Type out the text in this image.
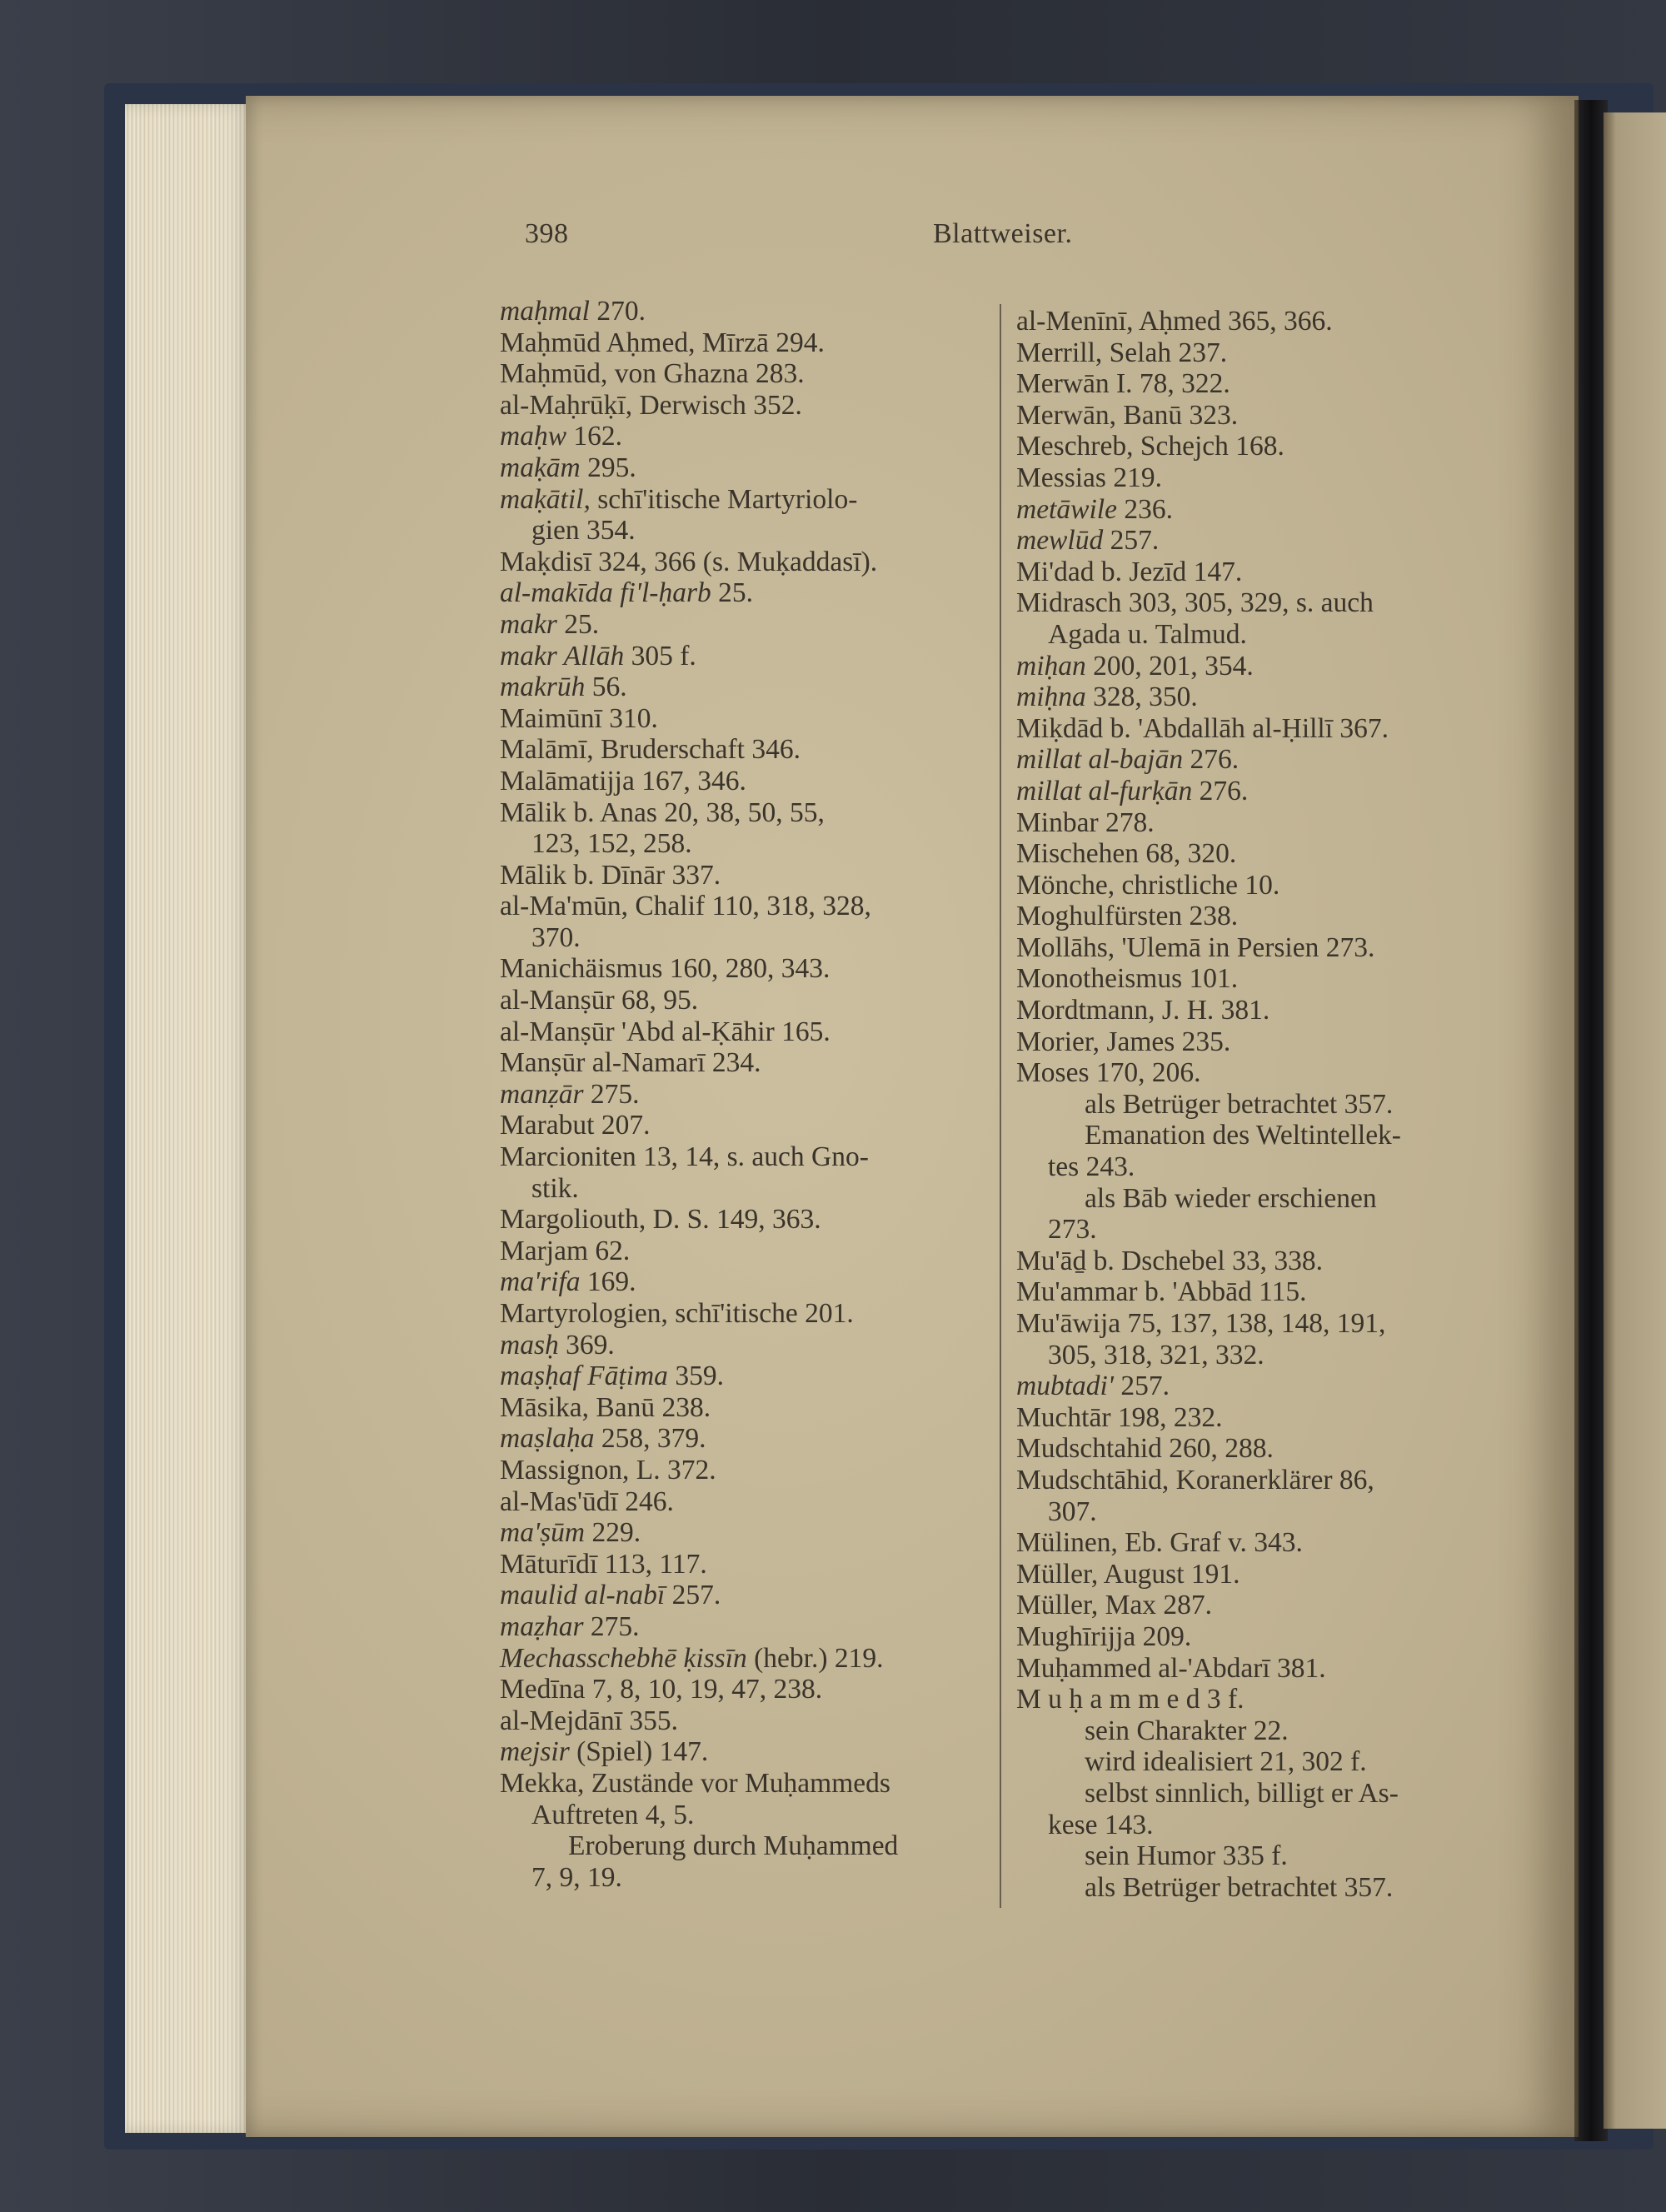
398	Blattweiser.
maḥmal 270.
Maḥmūd Aḥmed, Mīrzā 294.
Maḥmūd, von Ghazna 283.
al-Maḥrūḳī, Derwisch 352.
maḥw 162.
maḳām 295.
maḳātil, schī'itische Martyriolo-
gien 354.
Maḳdisī 324, 366 (s. Muḳaddasī).
al-makīda fi'l-ḥarb 25.
makr 25.
makr Allāh 305 f.
makrūh 56.
Maimūnī 310.
Malāmī, Bruderschaft 346.
Malāmatijja 167, 346.
Mālik b. Anas 20, 38, 50, 55,
123, 152, 258.
Mālik b. Dīnār 337.
al-Ma'mūn, Chalif 110, 318, 328,
370.
Manichäismus 160, 280, 343.
al-Manṣūr 68, 95.
al-Manṣūr 'Abd al-Ḳāhir 165.
Manṣūr al-Namarī 234.
manẓār 275.
Marabut 207.
Marcioniten 13, 14, s. auch Gno-
stik.
Margoliouth, D. S. 149, 363.
Marjam 62.
ma'rifa 169.
Martyrologien, schī'itische 201.
masḥ 369.
maṣḥaf Fāṭima 359.
Māsika, Banū 238.
maṣlaḥa 258, 379.
Massignon, L. 372.
al-Mas'ūdī 246.
ma'ṣūm 229.
Māturīdī 113, 117.
maulid al-nabī 257.
maẓhar 275.
Mechasschebhē ḳissīn (hebr.) 219.
Medīna 7, 8, 10, 19, 47, 238.
al-Mejdānī 355.
mejsir (Spiel) 147.
Mekka, Zustände vor Muḥammeds
Auftreten 4, 5.
Eroberung durch Muḥammed
7, 9, 19.
al-Menīnī, Aḥmed 365, 366.
Merrill, Selah 237.
Merwān I. 78, 322.
Merwān, Banū 323.
Meschreb, Schejch 168.
Messias 219.
metāwile 236.
mewlūd 257.
Mi'dad b. Jezīd 147.
Midrasch 303, 305, 329, s. auch
Agada u. Talmud.
miḥan 200, 201, 354.
miḥna 328, 350.
Miḳdād b. 'Abdallāh al-Ḥillī 367.
millat al-bajān 276.
millat al-furḳān 276.
Minbar 278.
Mischehen 68, 320.
Mönche, christliche 10.
Moghulfürsten 238.
Mollāhs, 'Ulemā in Persien 273.
Monotheismus 101.
Mordtmann, J. H. 381.
Morier, James 235.
Moses 170, 206.
als Betrüger betrachtet 357.
Emanation des Weltintellek-
tes 243.
als Bāb wieder erschienen
273.
Mu'āḏ b. Dschebel 33, 338.
Mu'ammar b. 'Abbād 115.
Mu'āwija 75, 137, 138, 148, 191,
305, 318, 321, 332.
mubtadi' 257.
Muchtār 198, 232.
Mudschtahid 260, 288.
Mudschtāhid, Koranerklärer 86,
307.
Mülinen, Eb. Graf v. 343.
Müller, August 191.
Müller, Max 287.
Mughīrijja 209.
Muḥammed al-'Abdarī 381.
M u ḥ a m m e d 3 f.
sein Charakter 22.
wird idealisiert 21, 302 f.
selbst sinnlich, billigt er As-
kese 143.
sein Humor 335 f.
als Betrüger betrachtet 357.
